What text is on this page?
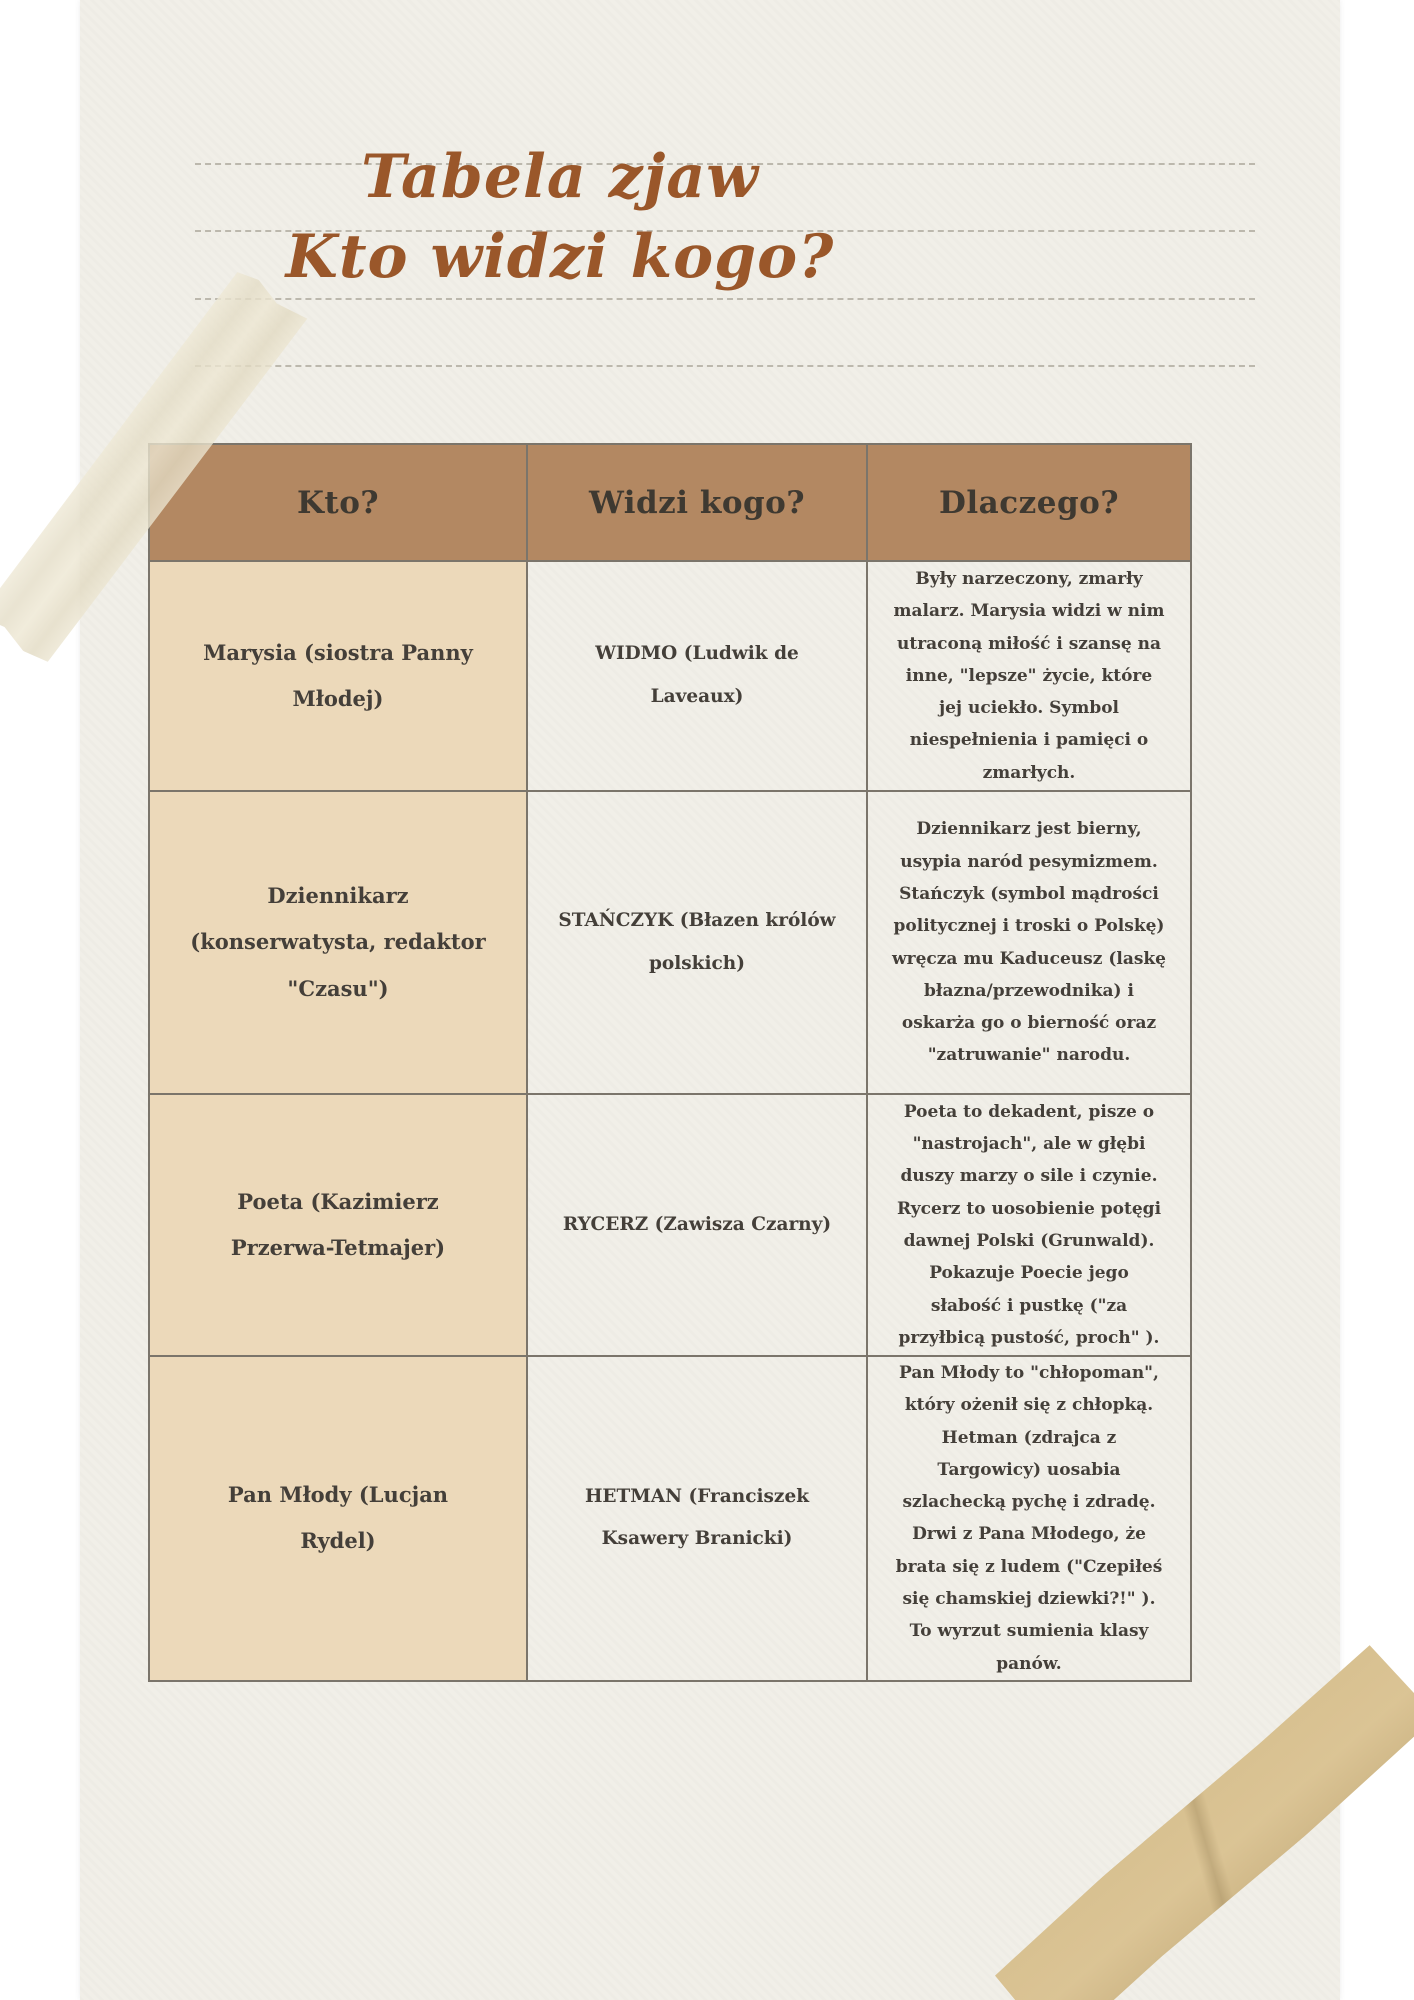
Tabela zjaw
Kto widzi kogo?
Kto?	Widzi kogo?	Dlaczego?
Marysia (siostra Panny Młodej)	WIDMO (Ludwik de Laveaux)	Były narzeczony, zmarły malarz. Marysia widzi w nim utraconą miłość i szansę na inne, "lepsze" życie, które jej uciekło. Symbol niespełnienia i pamięci o zmarłych.
Dziennikarz (konserwatysta, redaktor "Czasu")	STAŃCZYK (Błazen królów polskich)	Dziennikarz jest bierny, usypia naród pesymizmem. Stańczyk (symbol mądrości politycznej i troski o Polskę) wręcza mu Kaduceusz (laskę błazna/przewodnika) i oskarża go o bierność oraz "zatruwanie" narodu.
Poeta (Kazimierz Przerwa-Tetmajer)	RYCERZ (Zawisza Czarny)	Poeta to dekadent, pisze o "nastrojach", ale w głębi duszy marzy o sile i czynie. Rycerz to uosobienie potęgi dawnej Polski (Grunwald). Pokazuje Poecie jego słabość i pustkę ("za przyłbicą pustość, proch" ).
Pan Młody (Lucjan Rydel)	HETMAN (Franciszek Ksawery Branicki)	Pan Młody to "chłopoman", który ożenił się z chłopką. Hetman (zdrajca z Targowicy) uosabia szlachecką pychę i zdradę. Drwi z Pana Młodego, że brata się z ludem ("Czepiłeś się chamskiej dziewki?!" ). To wyrzut sumienia klasy panów.
